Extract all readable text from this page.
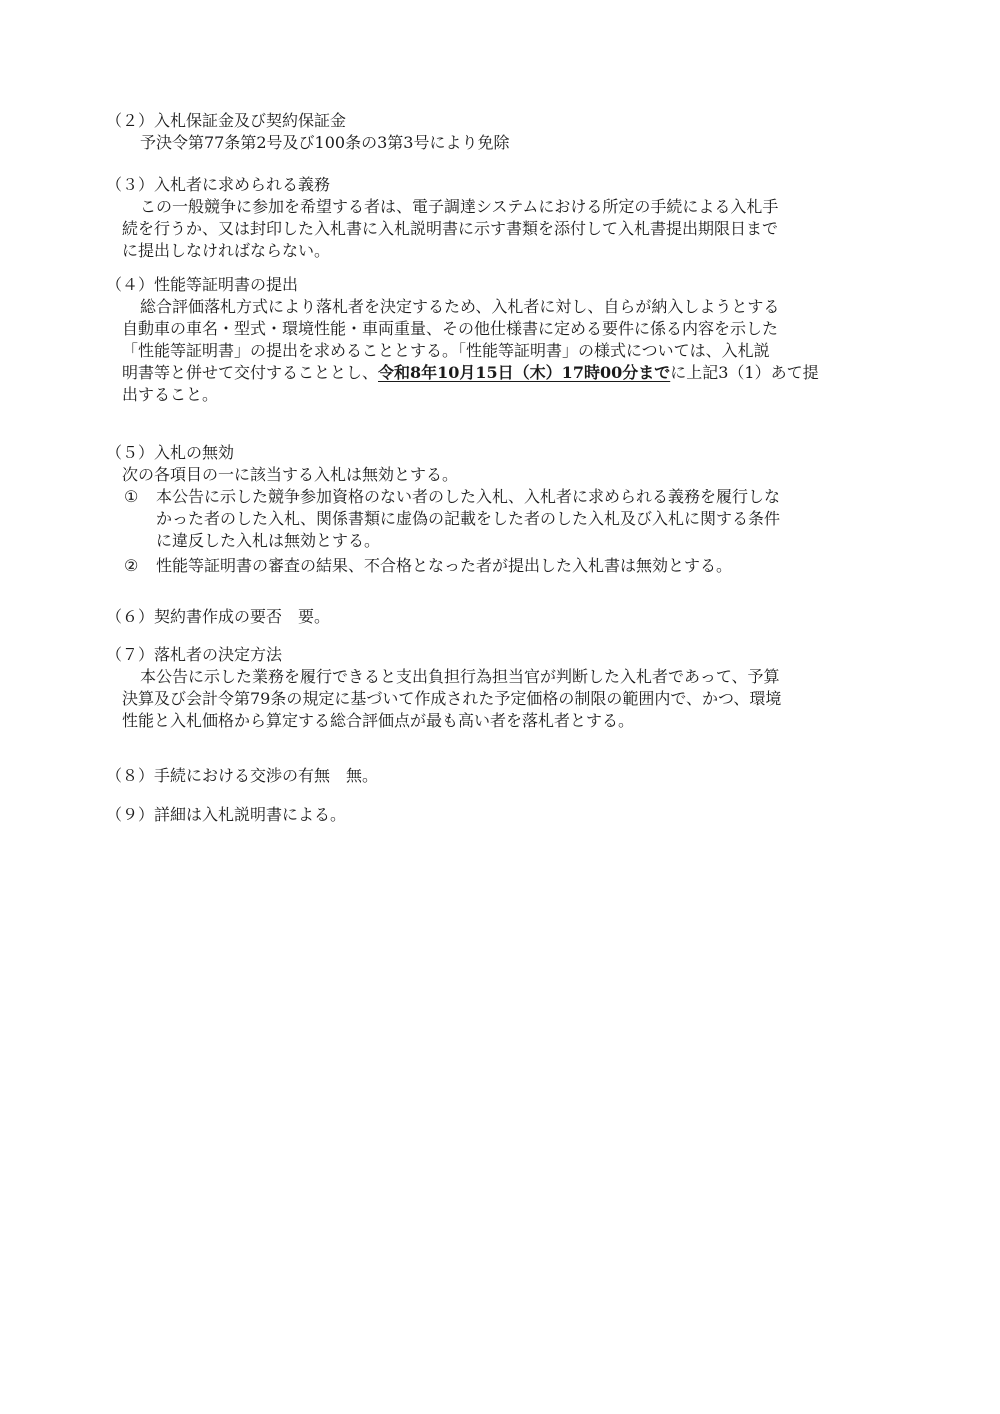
（２）入札保証金及び契約保証金
予決令第77条第2号及び100条の3第3号により免除
（３）入札者に求められる義務
この一般競争に参加を希望する者は、電子調達システムにおける所定の手続による入札手
続を行うか、又は封印した入札書に入札説明書に示す書類を添付して入札書提出期限日まで
に提出しなければならない。
（４）性能等証明書の提出
総合評価落札方式により落札者を決定するため、入札者に対し、自らが納入しようとする
自動車の車名・型式・環境性能・車両重量、その他仕様書に定める要件に係る内容を示した
「性能等証明書」の提出を求めることとする。「性能等証明書」の様式については、入札説
明書等と併せて交付することとし、令和8年10月15日（木）17時00分までに上記3（1）あて提
出すること。
（５）入札の無効
次の各項目の一に該当する入札は無効とする。
① 本公告に示した競争参加資格のない者のした入札、入札者に求められる義務を履行しな
かった者のした入札、関係書類に虚偽の記載をした者のした入札及び入札に関する条件
に違反した入札は無効とする。
② 性能等証明書の審査の結果、不合格となった者が提出した入札書は無効とする。
（６）契約書作成の要否　要。
（７）落札者の決定方法
本公告に示した業務を履行できると支出負担行為担当官が判断した入札者であって、予算
決算及び会計令第79条の規定に基づいて作成された予定価格の制限の範囲内で、かつ、環境
性能と入札価格から算定する総合評価点が最も高い者を落札者とする。
（８）手続における交渉の有無　無。
（９）詳細は入札説明書による。
